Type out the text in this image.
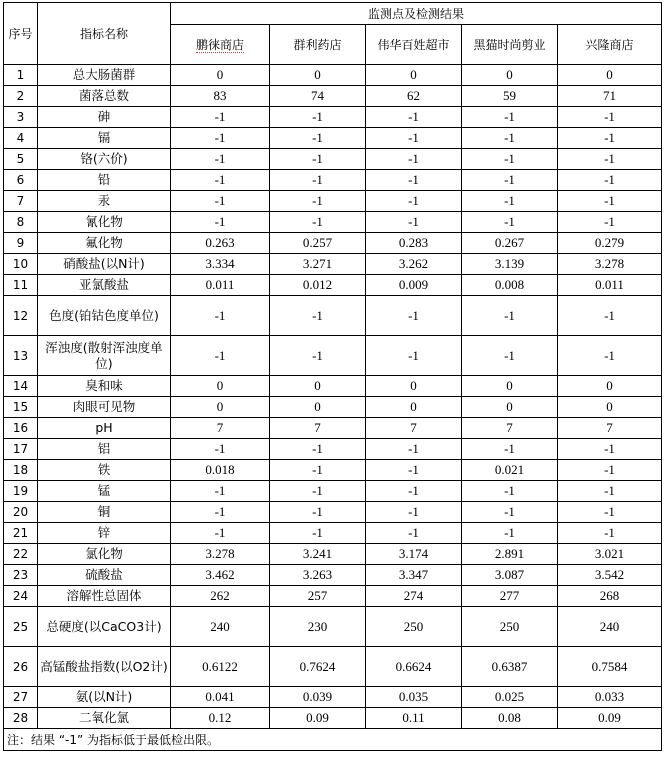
序号	指标名称	监测点及检测结果				
		鹏徕商店	群利药店	伟华百姓超市	黑猫时尚剪业	兴隆商店
1	总大肠菌群	0	0	0	0	0
2	菌落总数	83	74	62	59	71
3	砷	-1	-1	-1	-1	-1
4	镉	-1	-1	-1	-1	-1
5	铬(六价)	-1	-1	-1	-1	-1
6	铅	-1	-1	-1	-1	-1
7	汞	-1	-1	-1	-1	-1
8	氰化物	-1	-1	-1	-1	-1
9	氟化物	0.263	0.257	0.283	0.267	0.279
10	硝酸盐(以N计)	3.334	3.271	3.262	3.139	3.278
11	亚氯酸盐	0.011	0.012	0.009	0.008	0.011
12	色度(铂钴色度单位)	-1	-1	-1	-1	-1
13	浑浊度(散射浑浊度单位)	-1	-1	-1	-1	-1
14	臭和味	0	0	0	0	0
15	肉眼可见物	0	0	0	0	0
16	pH	7	7	7	7	7
17	铝	-1	-1	-1	-1	-1
18	铁	0.018	-1	-1	0.021	-1
19	锰	-1	-1	-1	-1	-1
20	铜	-1	-1	-1	-1	-1
21	锌	-1	-1	-1	-1	-1
22	氯化物	3.278	3.241	3.174	2.891	3.021
23	硫酸盐	3.462	3.263	3.347	3.087	3.542
24	溶解性总固体	262	257	274	277	268
25	总硬度(以CaCO3计)	240	230	250	250	240
26	高锰酸盐指数(以O2计)	0.6122	0.7624	0.6624	0.6387	0.7584
27	氨(以N计)	0.041	0.039	0.035	0.025	0.033
28	二氧化氯	0.12	0.09	0.11	0.08	0.09
注：结果 “-1” 为指标低于最低检出限。						
